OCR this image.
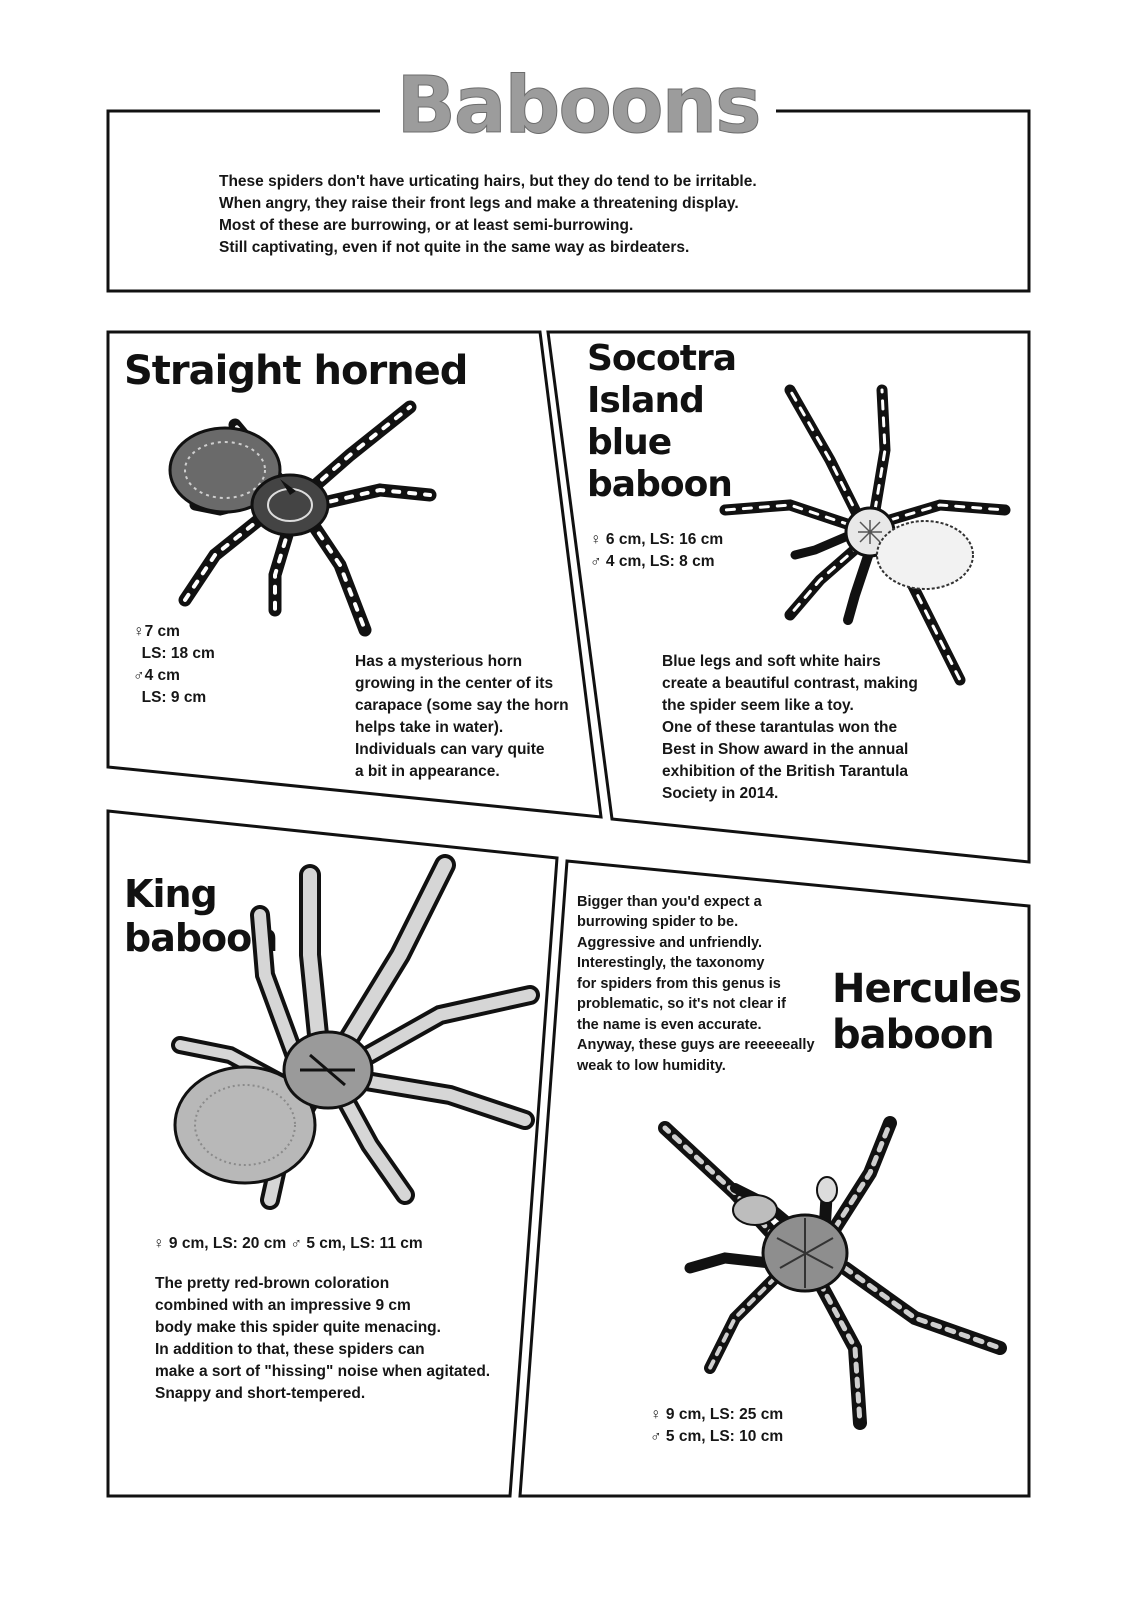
Baboons

These spiders don't have urticating hairs, but they do tend to be irritable.

When angry, they raise their front legs and make a threatening display.

Most of these are burrowing, or at least semi-burrowing.

Still captivating, even if not quite in the same way as birdeaters.

Straight horned

♀7 cm

LS: 18 cm

♂4 cm

LS: 9 cm

Has a mysterious horn

growing in the center of its

carapace (some say the horn

helps take in water).

Individuals can vary quite

a bit in appearance.

Socotra
Island
blue
baboon

♀ 6 cm, LS: 16 cm

♂ 4 cm, LS: 8 cm

Blue legs and soft white hairs

create a beautiful contrast, making

the spider seem like a toy.

One of these tarantulas won the

Best in Show award in the annual

exhibition of the British Tarantula

Society in 2014.

King
baboon

♀ 9 cm, LS: 20 cm ♂ 5 cm, LS: 11 cm

The pretty red-brown coloration

combined with an impressive 9 cm

body make this spider quite menacing.

In addition to that, these spiders can

make a sort of "hissing" noise when agitated.

Snappy and short-tempered.

Bigger than you'd expect a

burrowing spider to be.

Aggressive and unfriendly.

Interestingly, the taxonomy

for spiders from this genus is

problematic, so it's not clear if

the name is even accurate.

Anyway, these guys are reeeeeally

weak to low humidity.

Hercules
baboon

♀ 9 cm, LS: 25 cm

♂ 5 cm, LS: 10 cm
